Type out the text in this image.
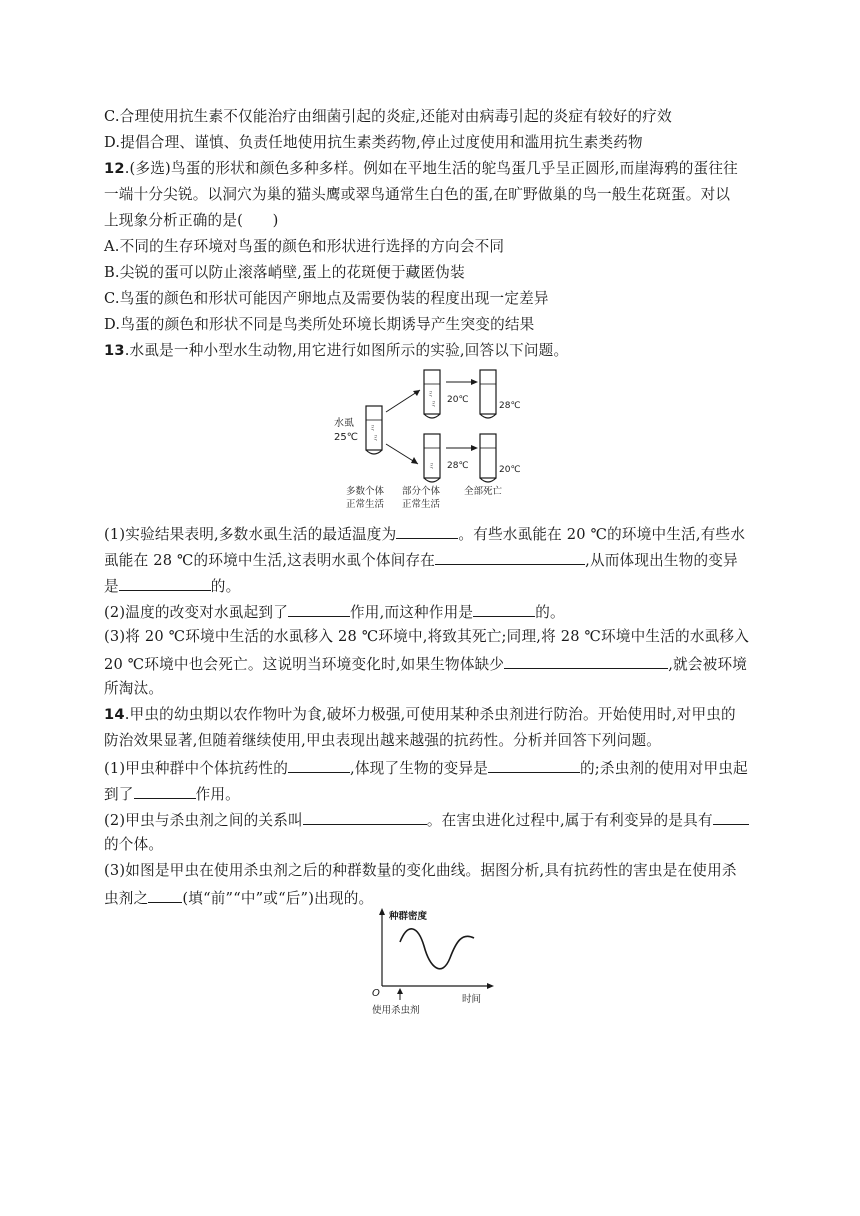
C.合理使用抗生素不仅能治疗由细菌引起的炎症,还能对由病毒引起的炎症有较好的疗效
D.提倡合理、谨慎、负责任地使用抗生素类药物,停止过度使用和滥用抗生素类药物
12.(多选)鸟蛋的形状和颜色多种多样。例如在平地生活的鸵鸟蛋几乎呈正圆形,而崖海鸦的蛋往往
一端十分尖锐。以洞穴为巢的猫头鹰或翠鸟通常生白色的蛋,在旷野做巢的鸟一般生花斑蛋。对以
上现象分析正确的是(　　)
A.不同的生存环境对鸟蛋的颜色和形状进行选择的方向会不同
B.尖锐的蛋可以防止滚落峭壁,蛋上的花斑便于藏匿伪装
C.鸟蛋的颜色和形状可能因产卵地点及需要伪装的程度出现一定差异
D.鸟蛋的颜色和形状不同是鸟类所处环境长期诱导产生突变的结果
13.水虱是一种小型水生动物,用它进行如图所示的实验,回答以下问题。
ミ
ミ
水虱
25℃
ミ
ミ 20℃
28℃
ミ 28℃	20℃
多数个体
正常生活
部分个体
正常生活
全部死亡
(1)实验结果表明,多数水虱生活的最适温度为	。有些水虱能在 20 ℃的环境中生活,有些水
虱能在 28 ℃的环境中生活,这表明水虱个体间存在	,从而体现出生物的变异
是	的。
(2)温度的改变对水虱起到了	作用,而这种作用是	的。
(3)将 20 ℃环境中生活的水虱移入 28 ℃环境中,将致其死亡;同理,将 28 ℃环境中生活的水虱移入
20 ℃环境中也会死亡。这说明当环境变化时,如果生物体缺少	,就会被环境
所淘汰。
14.甲虫的幼虫期以农作物叶为食,破坏力极强,可使用某种杀虫剂进行防治。开始使用时,对甲虫的
防治效果显著,但随着继续使用,甲虫表现出越来越强的抗药性。分析并回答下列问题。
(1)甲虫种群中个体抗药性的	,体现了生物的变异是	的;杀虫剂的使用对甲虫起
到了	作用。
(2)甲虫与杀虫剂之间的关系叫	。在害虫进化过程中,属于有利变异的是具有
的个体。
(3)如图是甲虫在使用杀虫剂之后的种群数量的变化曲线。据图分析,具有抗药性的害虫是在使用杀
虫剂之 (填“前”“中”或“后”)出现的。
种群密度
时间
O
使用杀虫剂
